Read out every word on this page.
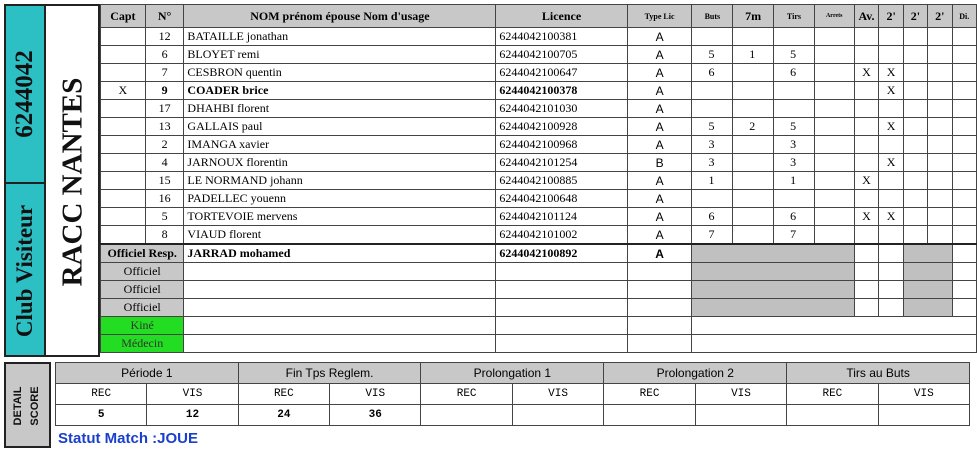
6244042
Club Visiteur RACC NANTES
Capt	N°	NOM prénom épouse Nom d'usage	Licence	Type Lic	Buts	7m	Tirs	Arrets	Av.	2'	2'	2'	Di.
	12	BATAILLE jonathan	6244042100381	A									
	6	BLOYET remi	6244042100705	A	5	1	5						
	7	CESBRON quentin	6244042100647	A	6		6		X	X			
X	9	COADER brice	6244042100378	A						X			
	17	DHAHBI florent	6244042101030	A									
	13	GALLAIS paul	6244042100928	A	5	2	5			X			
	2	IMANGA xavier	6244042100968	A	3		3						
	4	JARNOUX florentin	6244042101254	B	3		3			X			
	15	LE NORMAND johann	6244042100885	A	1		1		X				
	16	PADELLEC youenn	6244042100648	A									
	5	TORTEVOIE mervens	6244042101124	A	6		6		X	X			
	8	VIAUD florent	6244042101002	A	7		7						
Officiel Resp.		JARRAD mohamed	6244042100892	A									
Officiel													
Officiel													
Officiel													
Kiné													
Médecin													
DETAIL SCORE
Période 1		Fin Tps Reglem.		Prolongation 1		Prolongation 2		Tirs au Buts	
REC	VIS	REC	VIS	REC	VIS	REC	VIS	REC	VIS
5	12	24	36						
Statut Match :JOUE
